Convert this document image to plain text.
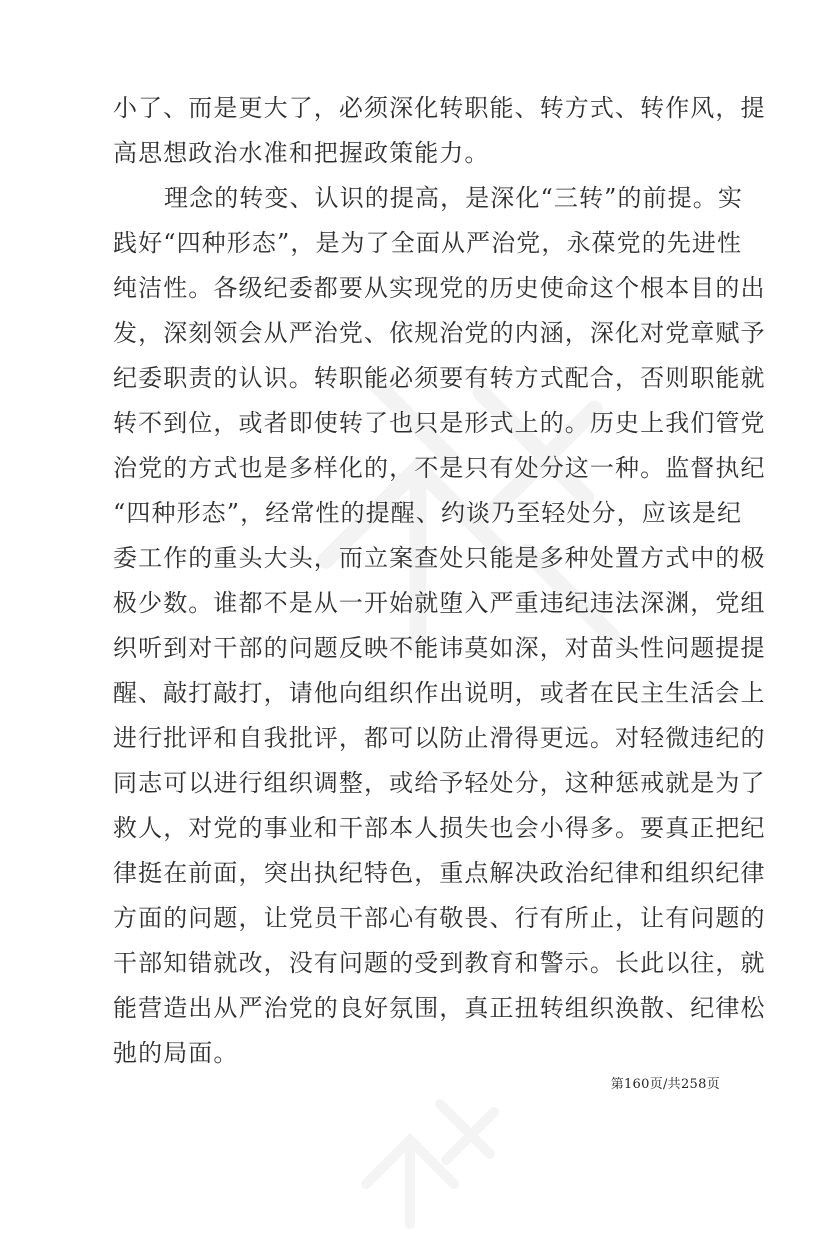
小了、而是更大了，必须深化转职能、转方式、转作风，提
高思想政治水准和把握政策能力。
理念的转变、认识的提高，是深化“三转”的前提。实
践好“四种形态”，是为了全面从严治党，永葆党的先进性
纯洁性。各级纪委都要从实现党的历史使命这个根本目的出
发，深刻领会从严治党、依规治党的内涵，深化对党章赋予
纪委职责的认识。转职能必须要有转方式配合，否则职能就
转不到位，或者即使转了也只是形式上的。历史上我们管党
治党的方式也是多样化的，不是只有处分这一种。监督执纪
“四种形态”，经常性的提醒、约谈乃至轻处分，应该是纪
委工作的重头大头，而立案查处只能是多种处置方式中的极
极少数。谁都不是从一开始就堕入严重违纪违法深渊，党组
织听到对干部的问题反映不能讳莫如深，对苗头性问题提提
醒、敲打敲打，请他向组织作出说明，或者在民主生活会上
进行批评和自我批评，都可以防止滑得更远。对轻微违纪的
同志可以进行组织调整，或给予轻处分，这种惩戒就是为了
救人，对党的事业和干部本人损失也会小得多。要真正把纪
律挺在前面，突出执纪特色，重点解决政治纪律和组织纪律
方面的问题，让党员干部心有敬畏、行有所止，让有问题的
干部知错就改，没有问题的受到教育和警示。长此以往，就
能营造出从严治党的良好氛围，真正扭转组织涣散、纪律松
弛的局面。
第160页/共258页
